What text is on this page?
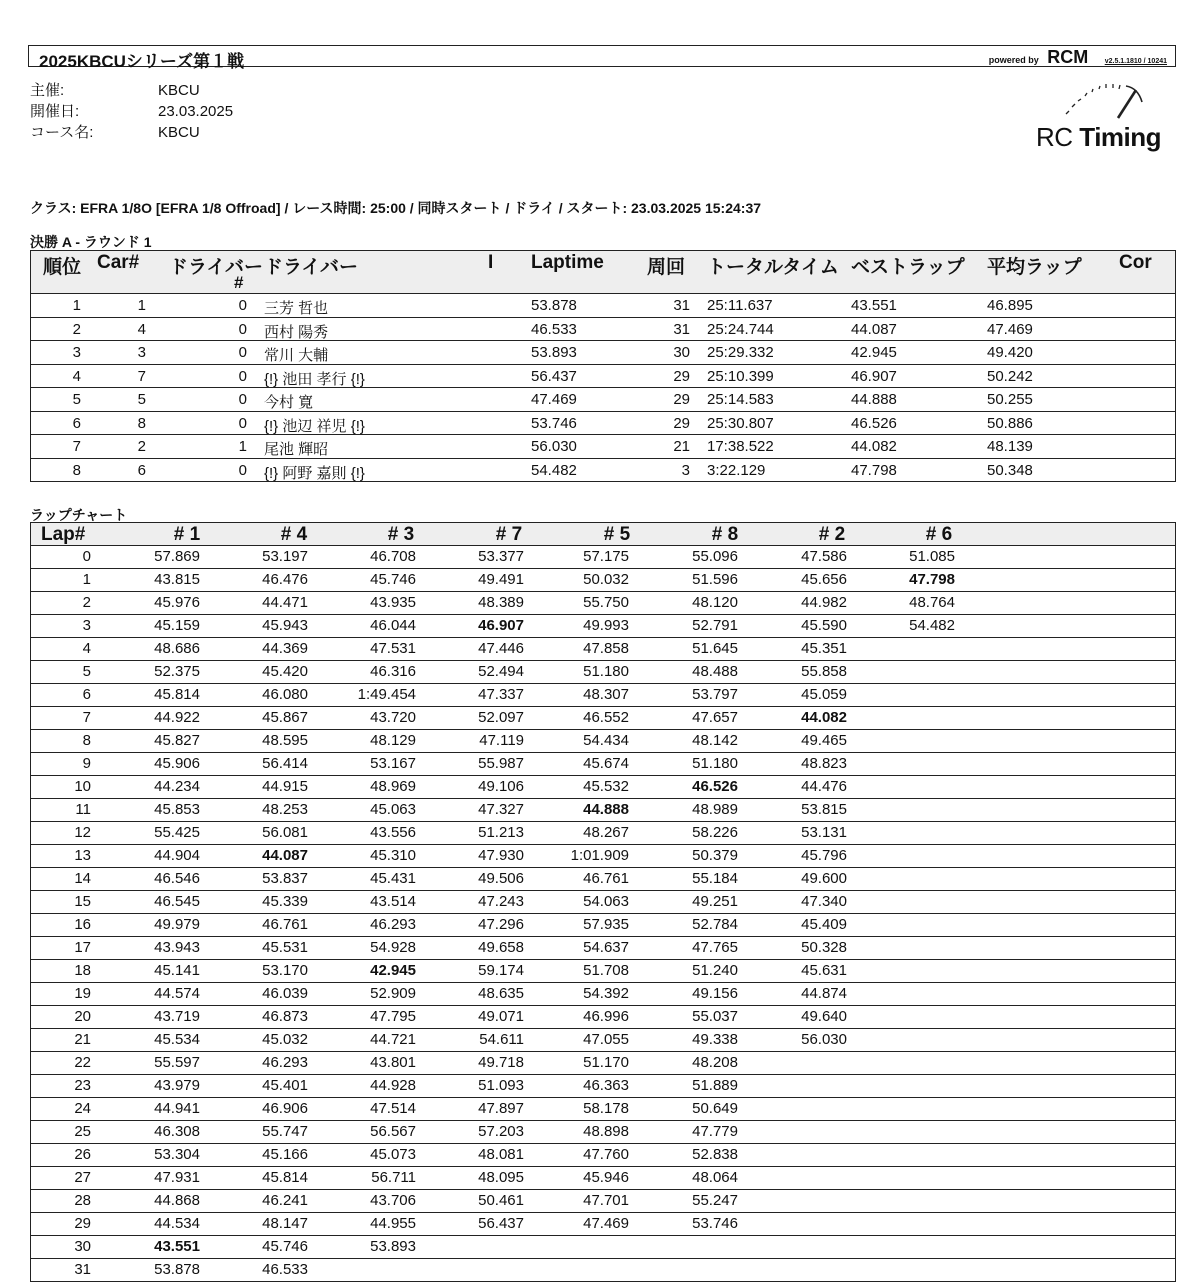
2025KBCUシリーズ第１戦	powered by RCM v2.5.1.1810 / 10241
主催:	KBCU
開催日:	23.03.2025
コース名:	KBCU	RC Timing
クラス: EFRA 1/8O [EFRA 1/8 Offroad] / レース時間: 25:00 / 同時スタート / ドライ / スタート: 23.03.2025 15:24:37
決勝 A - ラウンド 1
順位 Car# ドライバー
#
ドライバー	I Laptime 周回 トータルタイム ベストラップ 平均ラップ Cor
1	1	0 三芳 哲也	53.878	31 25:11.637	43.551	46.895
2	4	0 西村 陽秀	46.533	31 25:24.744	44.087	47.469
3	3	0 常川 大輔	53.893	30 25:29.332	42.945	49.420
4	7	0 {!} 池田 孝行 {!}	56.437	29 25:10.399	46.907	50.242
5	5	0 今村 寛	47.469	29 25:14.583	44.888	50.255
6	8	0 {!} 池辺 祥児 {!}	53.746	29 25:30.807	46.526	50.886
7	2	1 尾池 輝昭	56.030	21 17:38.522	44.082	48.139
8	6	0 {!} 阿野 嘉則 {!}	54.482	3 3:22.129	47.798	50.348
ラップチャート
Lap#	# 1	# 4	# 3	# 7	# 5	# 8	# 2	# 6
0	57.869	53.197	46.708	53.377	57.175	55.096	47.586	51.085
1	43.815	46.476	45.746	49.491	50.032	51.596	45.656	47.798
2	45.976	44.471	43.935	48.389	55.750	48.120	44.982	48.764
3	45.159	45.943	46.044	46.907	49.993	52.791	45.590	54.482
4	48.686	44.369	47.531	47.446	47.858	51.645	45.351
5	52.375	45.420	46.316	52.494	51.180	48.488	55.858
6	45.814	46.080	1:49.454	47.337	48.307	53.797	45.059
7	44.922	45.867	43.720	52.097	46.552	47.657	44.082
8	45.827	48.595	48.129	47.119	54.434	48.142	49.465
9	45.906	56.414	53.167	55.987	45.674	51.180	48.823
10	44.234	44.915	48.969	49.106	45.532	46.526	44.476
11	45.853	48.253	45.063	47.327	44.888	48.989	53.815
12	55.425	56.081	43.556	51.213	48.267	58.226	53.131
13	44.904	44.087	45.310	47.930	1:01.909	50.379	45.796
14	46.546	53.837	45.431	49.506	46.761	55.184	49.600
15	46.545	45.339	43.514	47.243	54.063	49.251	47.340
16	49.979	46.761	46.293	47.296	57.935	52.784	45.409
17	43.943	45.531	54.928	49.658	54.637	47.765	50.328
18	45.141	53.170	42.945	59.174	51.708	51.240	45.631
19	44.574	46.039	52.909	48.635	54.392	49.156	44.874
20	43.719	46.873	47.795	49.071	46.996	55.037	49.640
21	45.534	45.032	44.721	54.611	47.055	49.338	56.030
22	55.597	46.293	43.801	49.718	51.170	48.208
23	43.979	45.401	44.928	51.093	46.363	51.889
24	44.941	46.906	47.514	47.897	58.178	50.649
25	46.308	55.747	56.567	57.203	48.898	47.779
26	53.304	45.166	45.073	48.081	47.760	52.838
27	47.931	45.814	56.711	48.095	45.946	48.064
28	44.868	46.241	43.706	50.461	47.701	55.247
29	44.534	48.147	44.955	56.437	47.469	53.746
30	43.551	45.746	53.893
31	53.878	46.533
